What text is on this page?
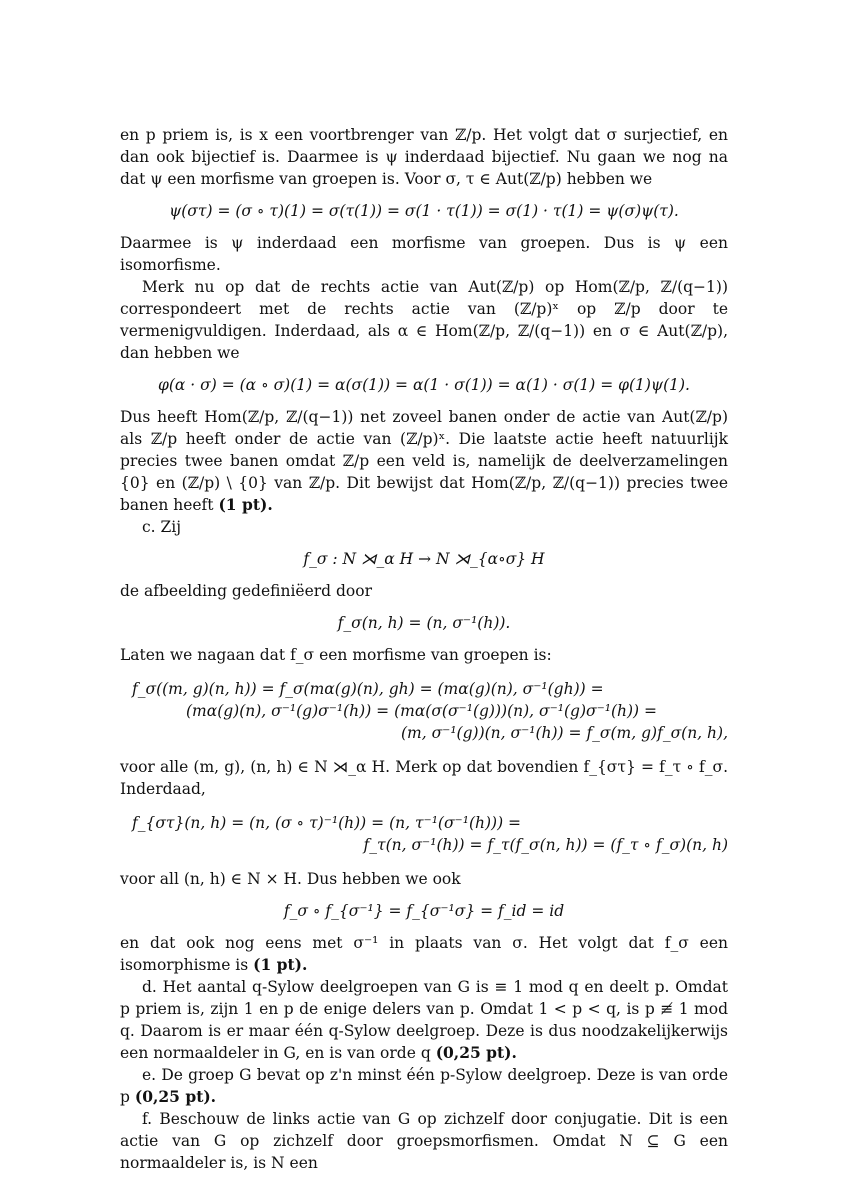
en p priem is, is x een voortbrenger van ℤ/p. Het volgt dat σ surjectief, en dan ook bijectief is. Daarmee is ψ inderdaad bijectief. Nu gaan we nog na dat ψ een morfisme van groepen is. Voor σ, τ ∈ Aut(ℤ/p) hebben we

ψ(στ) = (σ ∘ τ)(1) = σ(τ(1)) = σ(1 · τ(1)) = σ(1) · τ(1) = ψ(σ)ψ(τ).

Daarmee is ψ inderdaad een morfisme van groepen. Dus is ψ een isomorfisme.

Merk nu op dat de rechts actie van Aut(ℤ/p) op Hom(ℤ/p, ℤ/(q−1)) correspondeert met de rechts actie van (ℤ/p)ˣ op ℤ/p door te vermenigvuldigen. Inderdaad, als α ∈ Hom(ℤ/p, ℤ/(q−1)) en σ ∈ Aut(ℤ/p), dan hebben we

φ(α · σ) = (α ∘ σ)(1) = α(σ(1)) = α(1 · σ(1)) = α(1) · σ(1) = φ(1)ψ(1).

Dus heeft Hom(ℤ/p, ℤ/(q−1)) net zoveel banen onder de actie van Aut(ℤ/p) als ℤ/p heeft onder de actie van (ℤ/p)ˣ. Die laatste actie heeft natuurlijk precies twee banen omdat ℤ/p een veld is, namelijk de deelverzamelingen {0} en (ℤ/p) \ {0} van ℤ/p. Dit bewijst dat Hom(ℤ/p, ℤ/(q−1)) precies twee banen heeft (1 pt).

c. Zij

f_σ : N ⋊_α H → N ⋊_{α∘σ} H

de afbeelding gedefiniëerd door

f_σ(n, h) = (n, σ⁻¹(h)).

Laten we nagaan dat f_σ een morfisme van groepen is:

f_σ((m, g)(n, h)) = f_σ(mα(g)(n), gh) = (mα(g)(n), σ⁻¹(gh)) =
(mα(g)(n), σ⁻¹(g)σ⁻¹(h)) = (mα(σ(σ⁻¹(g)))(n), σ⁻¹(g)σ⁻¹(h)) =
(m, σ⁻¹(g))(n, σ⁻¹(h)) = f_σ(m, g)f_σ(n, h),

voor alle (m, g), (n, h) ∈ N ⋊_α H. Merk op dat bovendien f_{στ} = f_τ ∘ f_σ. Inderdaad,

f_{στ}(n, h) = (n, (σ ∘ τ)⁻¹(h)) = (n, τ⁻¹(σ⁻¹(h))) =
f_τ(n, σ⁻¹(h)) = f_τ(f_σ(n, h)) = (f_τ ∘ f_σ)(n, h)

voor all (n, h) ∈ N × H. Dus hebben we ook

f_σ ∘ f_{σ⁻¹} = f_{σ⁻¹σ} = f_id = id

en dat ook nog eens met σ⁻¹ in plaats van σ. Het volgt dat f_σ een isomorphisme is (1 pt).

d. Het aantal q-Sylow deelgroepen van G is ≡ 1 mod q en deelt p. Omdat p priem is, zijn 1 en p de enige delers van p. Omdat 1 < p < q, is p ≢ 1 mod q. Daarom is er maar één q-Sylow deelgroep. Deze is dus noodzakelijkerwijs een normaaldeler in G, en is van orde q (0,25 pt).

e. De groep G bevat op z'n minst één p-Sylow deelgroep. Deze is van orde p (0,25 pt).

f. Beschouw de links actie van G op zichzelf door conjugatie. Dit is een actie van G op zichzelf door groepsmorfismen. Omdat N ⊆ G een normaaldeler is, is N een
